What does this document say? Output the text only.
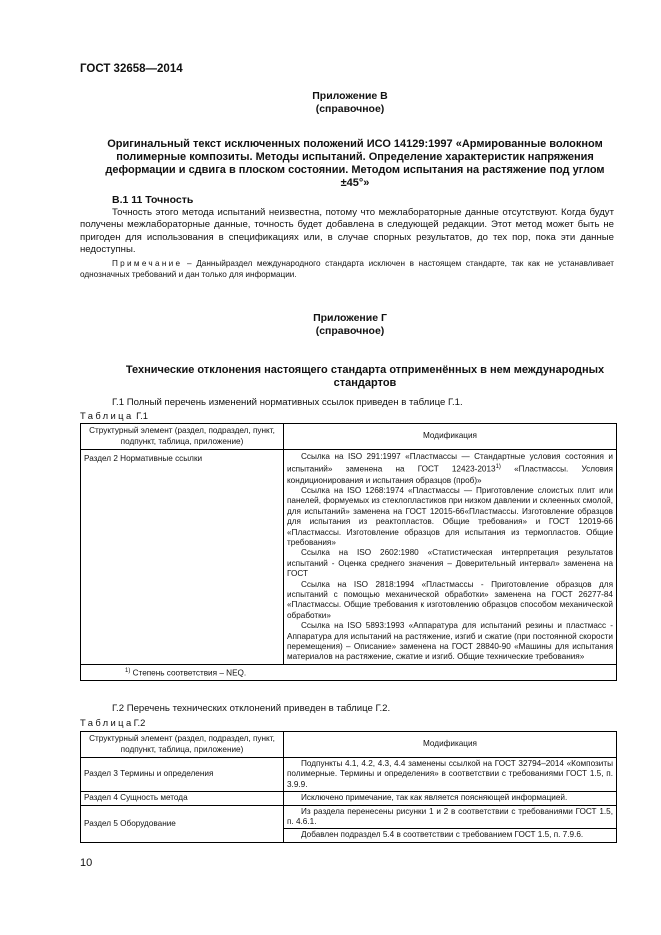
ГОСТ 32658—2014
Приложение В
(справочное)
Оригинальный текст исключенных положений ИСО 14129:1997 «Армированные волокном полимерные композиты. Методы испытаний. Определение характеристик напряжения деформации и сдвига в плоском состоянии. Методом испытания на растяжение под углом ±45°»
В.1 11 Точность
Точность этого метода испытаний неизвестна, потому что межлабораторные данные отсутствуют. Когда будут получены межлабораторные данные, точность будет добавлена в следующей редакции. Этот метод может быть не пригоден для использования в спецификациях или, в случае спорных результатов, до тех пор, пока эти данные недоступны.
Примечание – Данныйраздел международного стандарта исключен в настоящем стандарте, так как не устанавливает однозначных требований и дан только для информации.
Приложение Г
(справочное)
Технические отклонения настоящего стандарта отприменённых в нем международных стандартов
Г.1 Полный перечень изменений нормативных ссылок приведен в таблице Г.1.
Таблица Г.1
Структурный элемент (раздел, подраздел, пункт, подпункт, таблица, приложение)	Модификация
Раздел 2 Нормативные ссылки	Ссылка на ISO 291:1997 «Пластмассы — Стандартные условия состояния и испытаний» заменена на ГОСТ 12423-2013$^{1)}$ «Пластмассы. Условия кондиционирования и испытания образцов (проб)»
Ссылка на ISO 1268:1974 «Пластмассы — Приготовление слоистых плит или панелей, формуемых из стеклопластиков при низком давлении и склеенных смолой, для испытаний» заменена на ГОСТ 12015-66«Пластмассы. Изготовление образцов для испытания из реактопластов. Общие требования» и ГОСТ 12019-66 «Пластмассы. Изготовление образцов для испытания из термопластов. Общие требования»
Ссылка на ISO 2602:1980 «Статистическая интерпретация результатов испытаний - Оценка среднего значения – Доверительный интервал» заменена на ГОСТ
Ссылка на ISO 2818:1994 «Пластмассы - Приготовление образцов для испытаний с помощью механической обработки» заменена на ГОСТ 26277-84 «Пластмассы. Общие требования к изготовлению образцов способом механической обработки»
Ссылка на ISO 5893:1993 «Аппаратура для испытаний резины и пластмасс - Аппаратура для испытаний на растяжение, изгиб и сжатие (при постоянной скорости перемещения) – Описание» заменена на ГОСТ 28840-90 «Машины для испытания материалов на растяжение, сжатие и изгиб. Общие технические требования»

$^{1)}$ Степень соответствия – NEQ.	
Г.2 Перечень технических отклонений приведен в таблице Г.2.
ТаблицаГ.2
Структурный элемент (раздел, подраздел, пункт, подпункт, таблица, приложение)	Модификация
Раздел 3 Термины и определения	Подпункты 4.1, 4.2, 4.3, 4.4 заменены ссылкой на ГОСТ 32794–2014 «Композиты полимерные. Термины и определения» в соответствии с требованиями ГОСТ 1.5, п. 3.9.9.
Раздел 4 Сущность метода	Исключено примечание, так как является поясняющей информацией.
Раздел 5 Оборудование	Из раздела перенесены рисунки 1 и 2 в соответствии с требованиями ГОСТ 1.5, п. 4.6.1.
	Добавлен подраздел 5.4 в соответствии с требованием ГОСТ 1.5, п. 7.9.6.
10
